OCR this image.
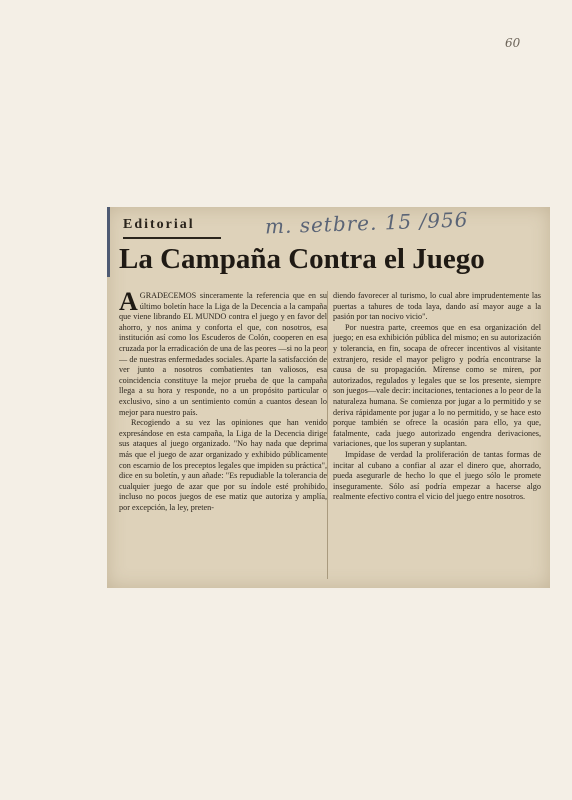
60
Editorial	m. setbre. 15 /956
La Campaña Contra el Juego

AGRADECEMOS sinceramente la referencia que en su último boletín hace la Liga de la Decencia a la campaña que viene librando EL MUNDO contra el juego y en favor del ahorro, y nos anima y conforta el que, con nosotros, esa institución así como los Escuderos de Colón, cooperen en esa cruzada por la erradicación de una de las peores —si no la peor— de nuestras enfermedades sociales. Aparte la satisfacción de ver junto a nosotros combatientes tan valiosos, esa coincidencia constituye la mejor prueba de que la campaña llega a su hora y responde, no a un propósito particular o exclusivo, sino a un sentimiento común a cuantos desean lo mejor para nuestro país.

Recogiendo a su vez las opiniones que han venido expresándose en esta campaña, la Liga de la Decencia dirige sus ataques al juego organizado. "No hay nada que deprima más que el juego de azar organizado y exhibido públicamente con escarnio de los preceptos legales que impiden su práctica", dice en su boletín, y aun añade: "Es repudiable la tolerancia de cualquier juego de azar que por su índole esté prohibido, incluso no pocos juegos de ese matiz que autoriza y amplía, por excepción, la ley, preten-

diendo favorecer al turismo, lo cual abre imprudentemente las puertas a tahures de toda laya, dando así mayor auge a la pasión por tan nocivo vicio".

Por nuestra parte, creemos que en esa organización del juego; en esa exhibición pública del mismo; en su autorización y tolerancia, en fin, socapa de ofrecer incentivos al visitante extranjero, reside el mayor peligro y podría encontrarse la causa de su propagación. Mírense como se miren, por autorizados, regulados y legales que se los presente, siempre son juegos—vale decir: incitaciones, tentaciones a lo peor de la naturaleza humana. Se comienza por jugar a lo permitido y se deriva rápidamente por jugar a lo no permitido, y se hace esto porque también se ofrece la ocasión para ello, ya que, fatalmente, cada juego autorizado engendra derivaciones, variaciones, que los superan y suplantan.

Impídase de verdad la proliferación de tantas formas de incitar al cubano a confiar al azar el dinero que, ahorrado, pueda asegurarle de hecho lo que el juego sólo le promete inseguramente. Sólo así podría empezar a hacerse algo realmente efectivo contra el vicio del juego entre nosotros.
